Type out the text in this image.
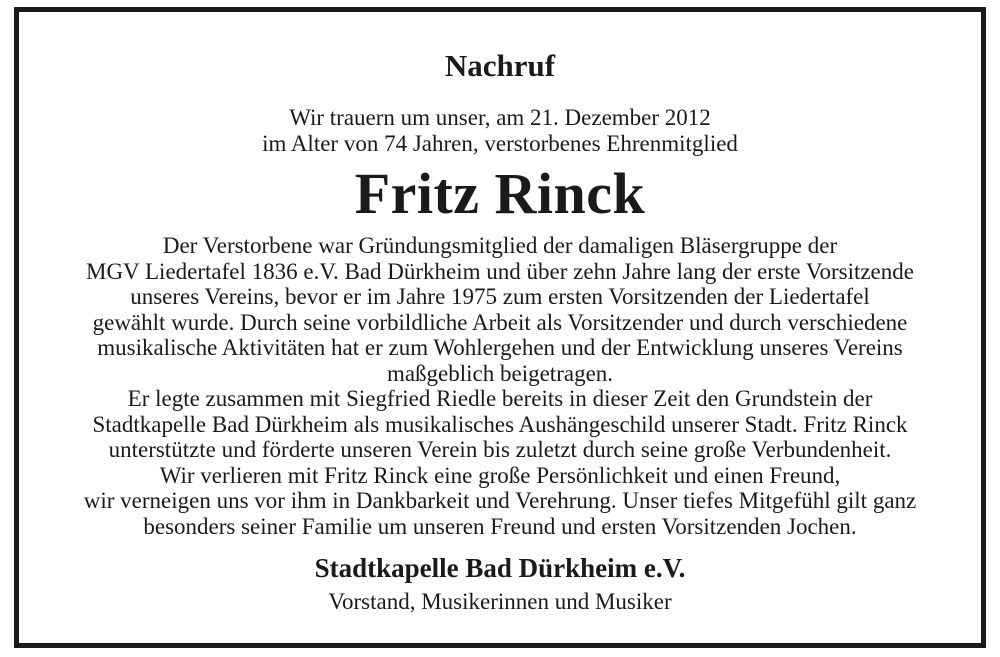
Nachruf

Wir trauern um unser, am 21. Dezember 2012
im Alter von 74 Jahren, verstorbenes Ehrenmitglied

Fritz Rinck

Der Verstorbene war Gründungsmitglied der damaligen Bläsergruppe der
MGV Liedertafel 1836 e.V. Bad Dürkheim und über zehn Jahre lang der erste Vorsitzende
unseres Vereins, bevor er im Jahre 1975 zum ersten Vorsitzenden der Liedertafel
gewählt wurde. Durch seine vorbildliche Arbeit als Vorsitzender und durch verschiedene
musikalische Aktivitäten hat er zum Wohlergehen und der Entwicklung unseres Vereins
maßgeblich beigetragen.
Er legte zusammen mit Siegfried Riedle bereits in dieser Zeit den Grundstein der
Stadtkapelle Bad Dürkheim als musikalisches Aushängeschild unserer Stadt. Fritz Rinck
unterstützte und förderte unseren Verein bis zuletzt durch seine große Verbundenheit.
Wir verlieren mit Fritz Rinck eine große Persönlichkeit und einen Freund,
wir verneigen uns vor ihm in Dankbarkeit und Verehrung. Unser tiefes Mitgefühl gilt ganz
besonders seiner Familie um unseren Freund und ersten Vorsitzenden Jochen.

Stadtkapelle Bad Dürkheim e.V.

Vorstand, Musikerinnen und Musiker
